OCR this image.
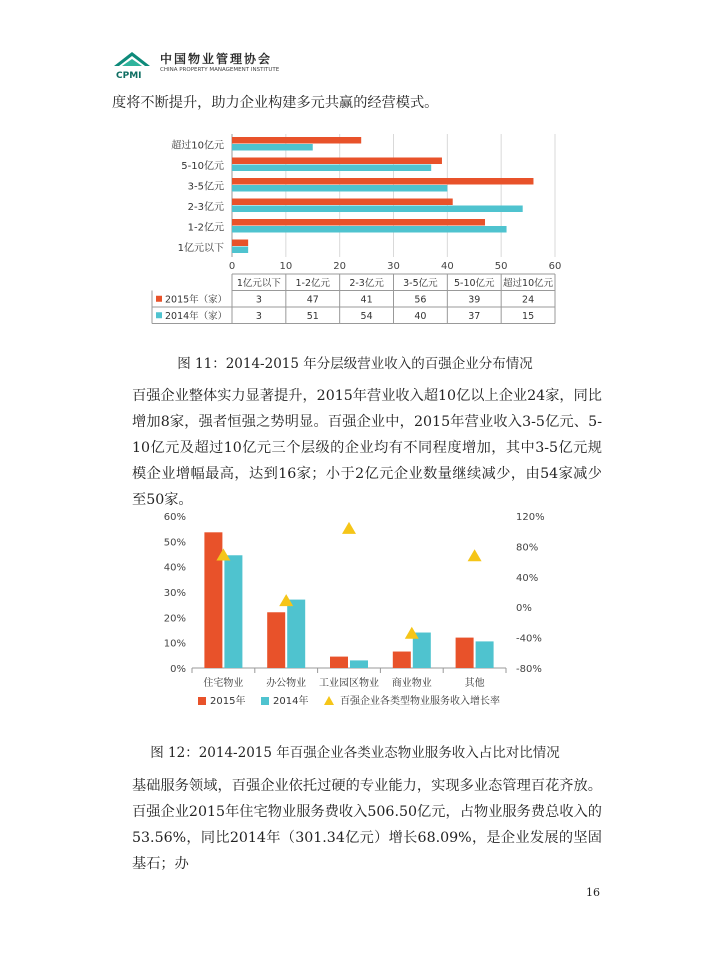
CPMI
中国物业管理协会
CHINA PROPERTY MANAGEMENT INSTITUTE

度将不断提升，助力企业构建多元共赢的经营模式。

0	10	20	30	40	50	60
超过10亿元
5-10亿元
3-5亿元
2-3亿元
1-2亿元
1亿元以下
1亿元以下 1-2亿元 2-3亿元 3-5亿元 5-10亿元 超过10亿元
2015年（家）	3	47	41	56	39	24
2014年（家）	3	51	54	40	37	15
图 11：2014-2015 年分层级营业收入的百强企业分布情况

百强企业整体实力显著提升，2015年营业收入超10亿以上企业24家，同比增加8家，强者恒强之势明显。百强企业中，2015年营业收入3-5亿元、5-10亿元及超过10亿元三个层级的企业均有不同程度增加，其中3-5亿元规模企业增幅最高，达到16家；小于2亿元企业数量继续减少，由54家减少至50家。

0%
10%
20%
30%
40%
50%
60%
-80%
-40%
0%
40%
80%
120%
住宅物业 办公物业 工业园区物业 商业物业	其他
2015年	2014年	百强企业各类型物业服务收入增长率
图 12：2014-2015 年百强企业各类业态物业服务收入占比对比情况

基础服务领域，百强企业依托过硬的专业能力，实现多业态管理百花齐放。百强企业2015年住宅物业服务费收入506.50亿元，占物业服务费总收入的53.56%，同比2014年（301.34亿元）增长68.09%，是企业发展的坚固基石；办

16
